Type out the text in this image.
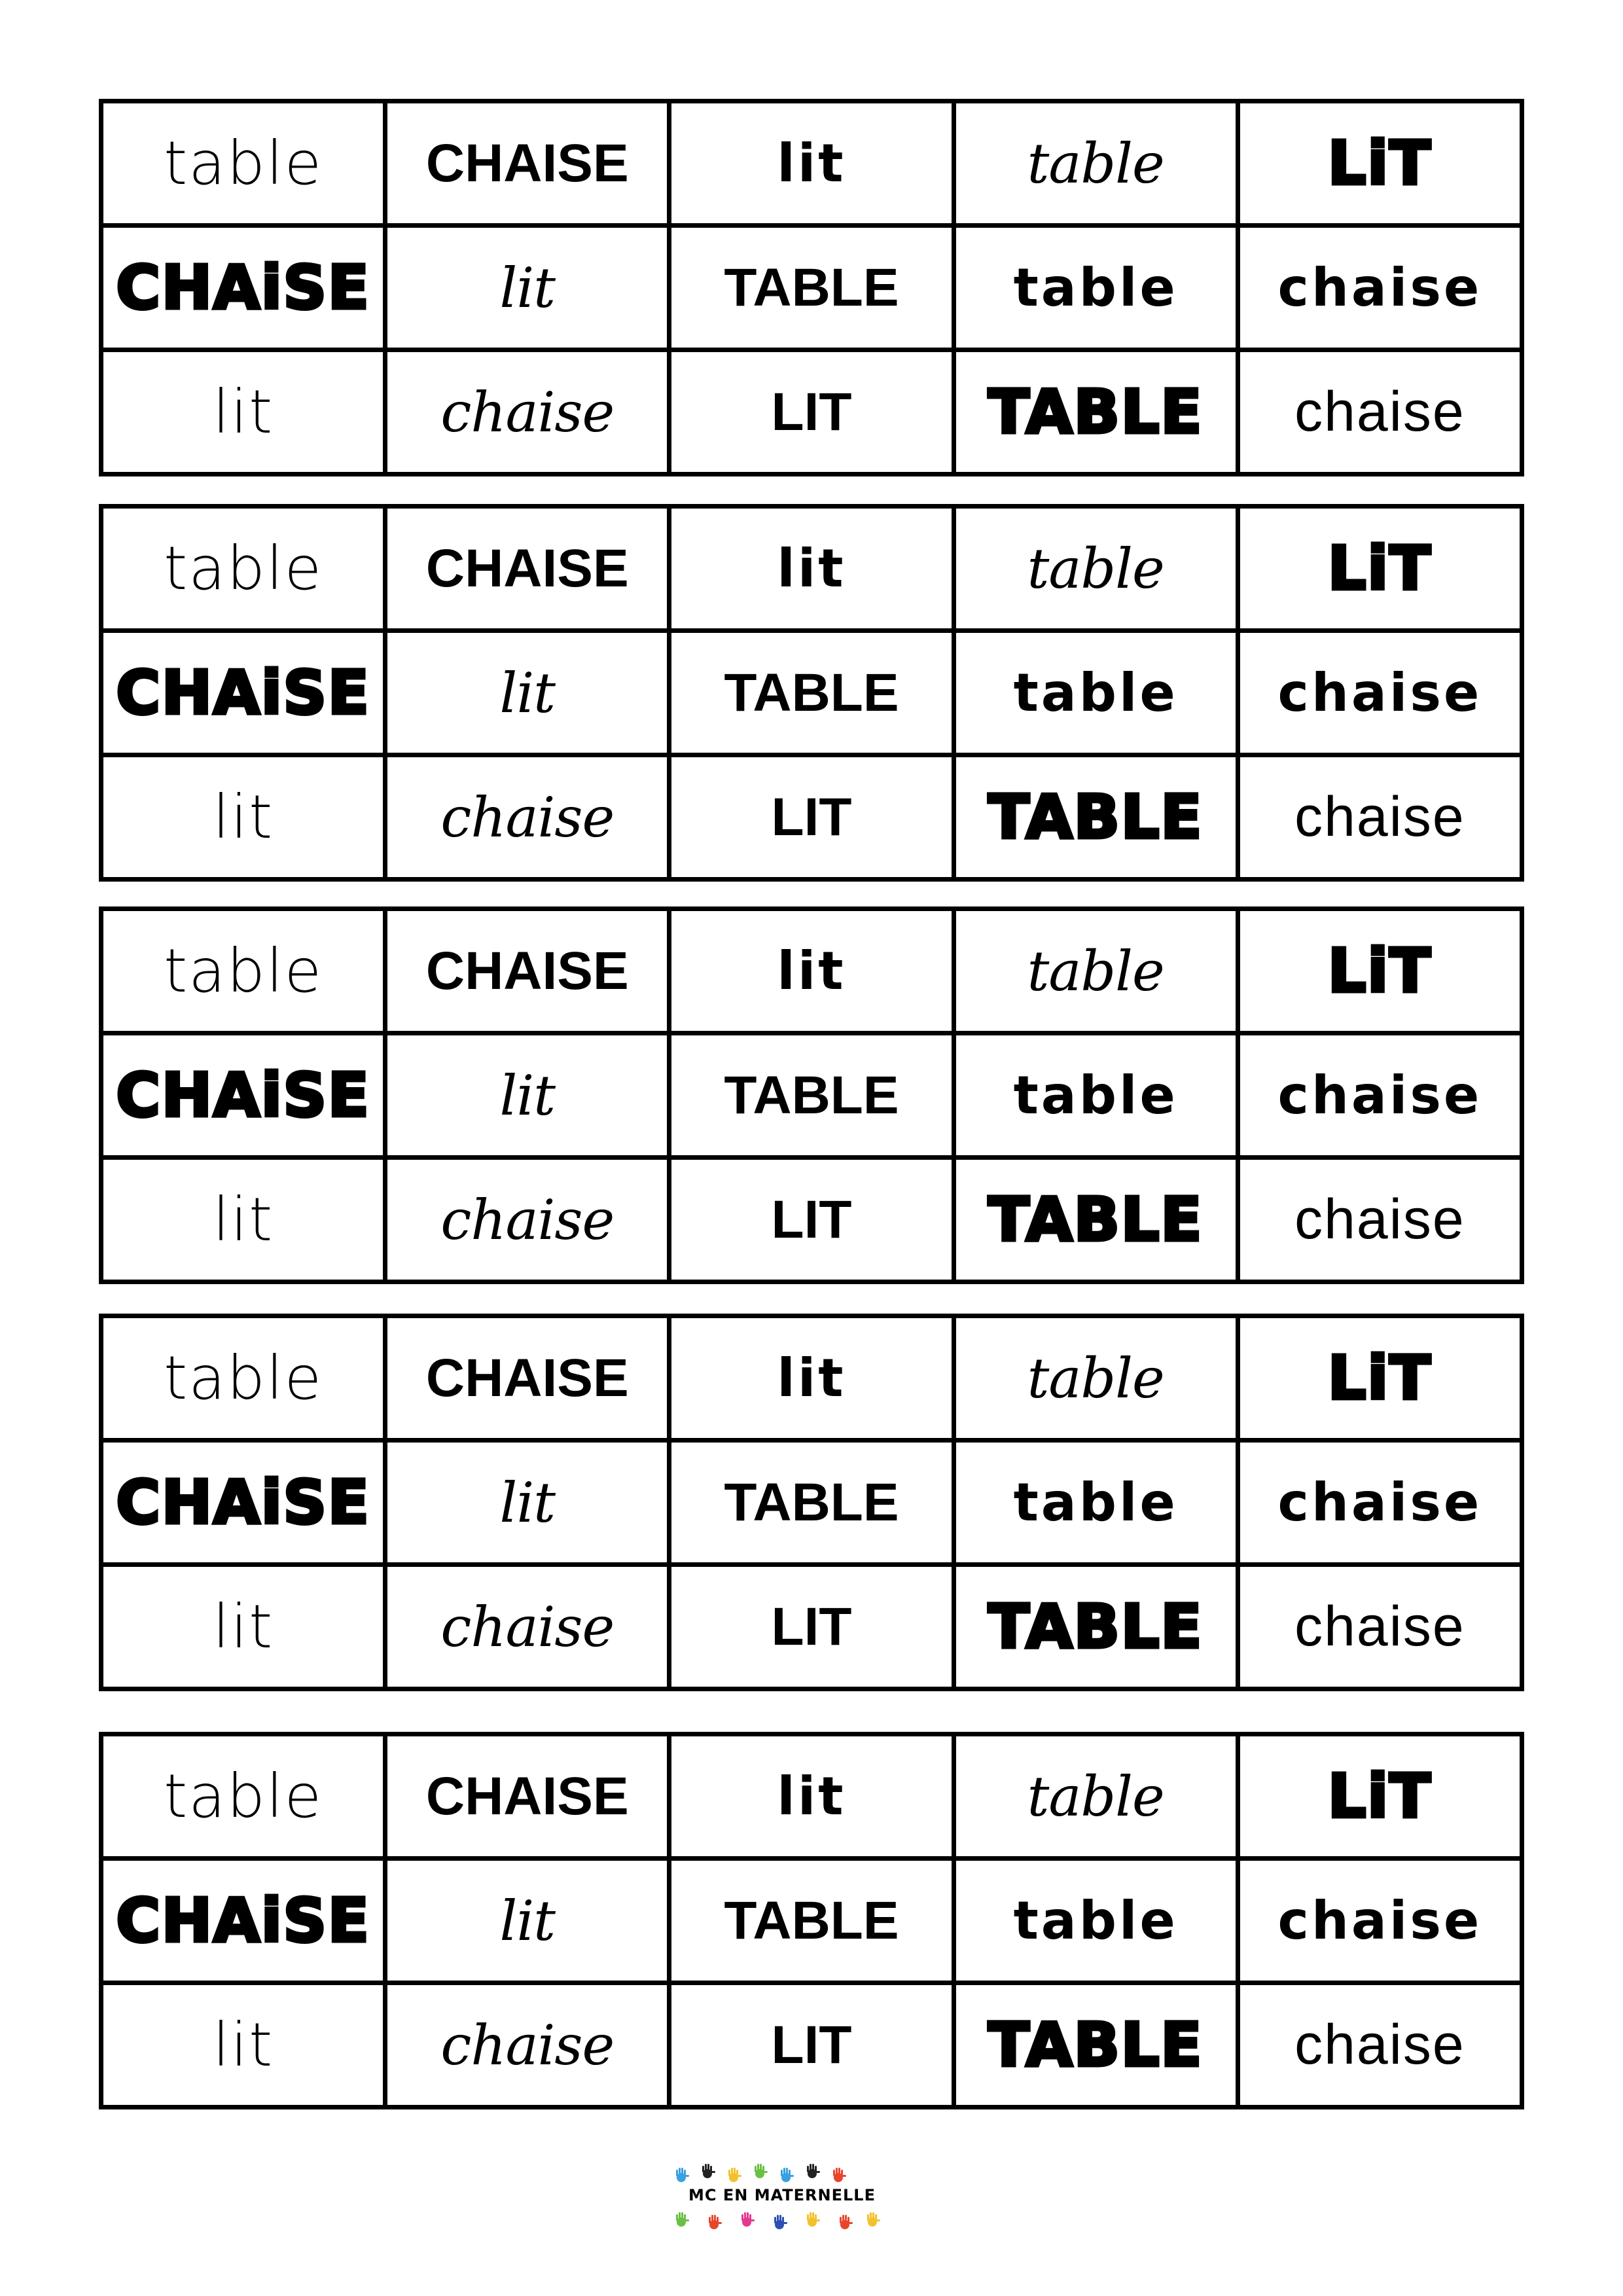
table	CHAISE	lit	table	LiT
CHAiSE	lit	TABLE	table	chaise
lit	chaise	LIT	TABLE	chaise
table	CHAISE	lit	table	LiT
CHAiSE	lit	TABLE	table	chaise
lit	chaise	LIT	TABLE	chaise
table	CHAISE	lit	table	LiT
CHAiSE	lit	TABLE	table	chaise
lit	chaise	LIT	TABLE	chaise
table	CHAISE	lit	table	LiT
CHAiSE	lit	TABLE	table	chaise
lit	chaise	LIT	TABLE	chaise
table	CHAISE	lit	table	LiT
CHAiSE	lit	TABLE	table	chaise
lit	chaise	LIT	TABLE	chaise
MC EN MATERNELLE
